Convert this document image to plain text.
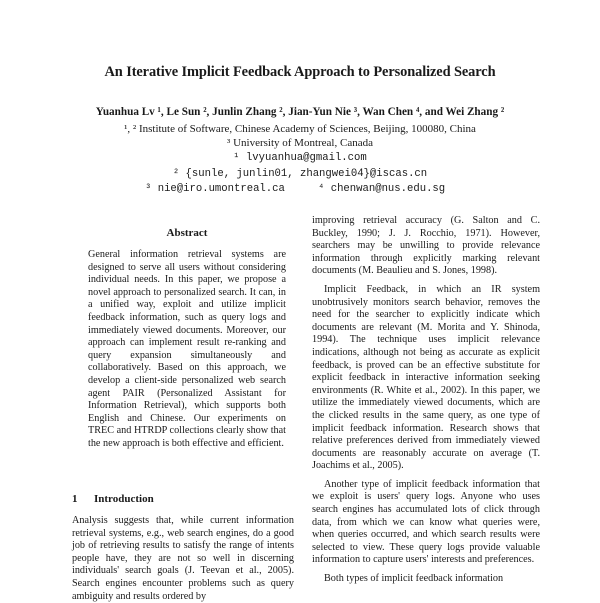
An Iterative Implicit Feedback Approach to Personalized Search
Yuanhua Lv ¹, Le Sun ², Junlin Zhang ², Jian-Yun Nie ³, Wan Chen ⁴, and Wei Zhang ²
¹, ² Institute of Software, Chinese Academy of Sciences, Beijing, 100080, China
³ University of Montreal, Canada
¹ lvyuanhua@gmail.com
² {sunle, junlin01, zhangwei04}@iscas.cn
³ nie@iro.umontreal.ca	⁴ chenwan@nus.edu.sg
Abstract

General information retrieval systems are designed to serve all users without considering individual needs. In this paper, we propose a novel approach to personalized search. It can, in a unified way, exploit and utilize implicit feedback information, such as query logs and immediately viewed documents. Moreover, our approach can implement result re-ranking and query expansion simultaneously and collaboratively. Based on this approach, we develop a client-side personalized web search agent PAIR (Personalized Assistant for Information Retrieval), which supports both English and Chinese. Our experiments on TREC and HTRDP collections clearly show that the new approach is both effective and efficient.

1 Introduction

Analysis suggests that, while current information retrieval systems, e.g., web search engines, do a good job of retrieving results to satisfy the range of intents people have, they are not so well in discerning individuals' search goals (J. Teevan et al., 2005). Search engines encounter problems such as query ambiguity and results ordered by

improving retrieval accuracy (G. Salton and C. Buckley, 1990; J. J. Rocchio, 1971). However, searchers may be unwilling to provide relevance information through explicitly marking relevant documents (M. Beaulieu and S. Jones, 1998).

Implicit Feedback, in which an IR system unobtrusively monitors search behavior, removes the need for the searcher to explicitly indicate which documents are relevant (M. Morita and Y. Shinoda, 1994). The technique uses implicit relevance indications, although not being as accurate as explicit feedback, is proved can be an effective substitute for explicit feedback in interactive information seeking environments (R. White et al., 2002). In this paper, we utilize the immediately viewed documents, which are the clicked results in the same query, as one type of implicit feedback information. Research shows that relative preferences derived from immediately viewed documents are reasonably accurate on average (T. Joachims et al., 2005).

Another type of implicit feedback information that we exploit is users' query logs. Anyone who uses search engines has accumulated lots of click through data, from which we can know what queries were, when queries occurred, and which search results were selected to view. These query logs provide valuable information to capture users' interests and preferences.

Both types of implicit feedback information
